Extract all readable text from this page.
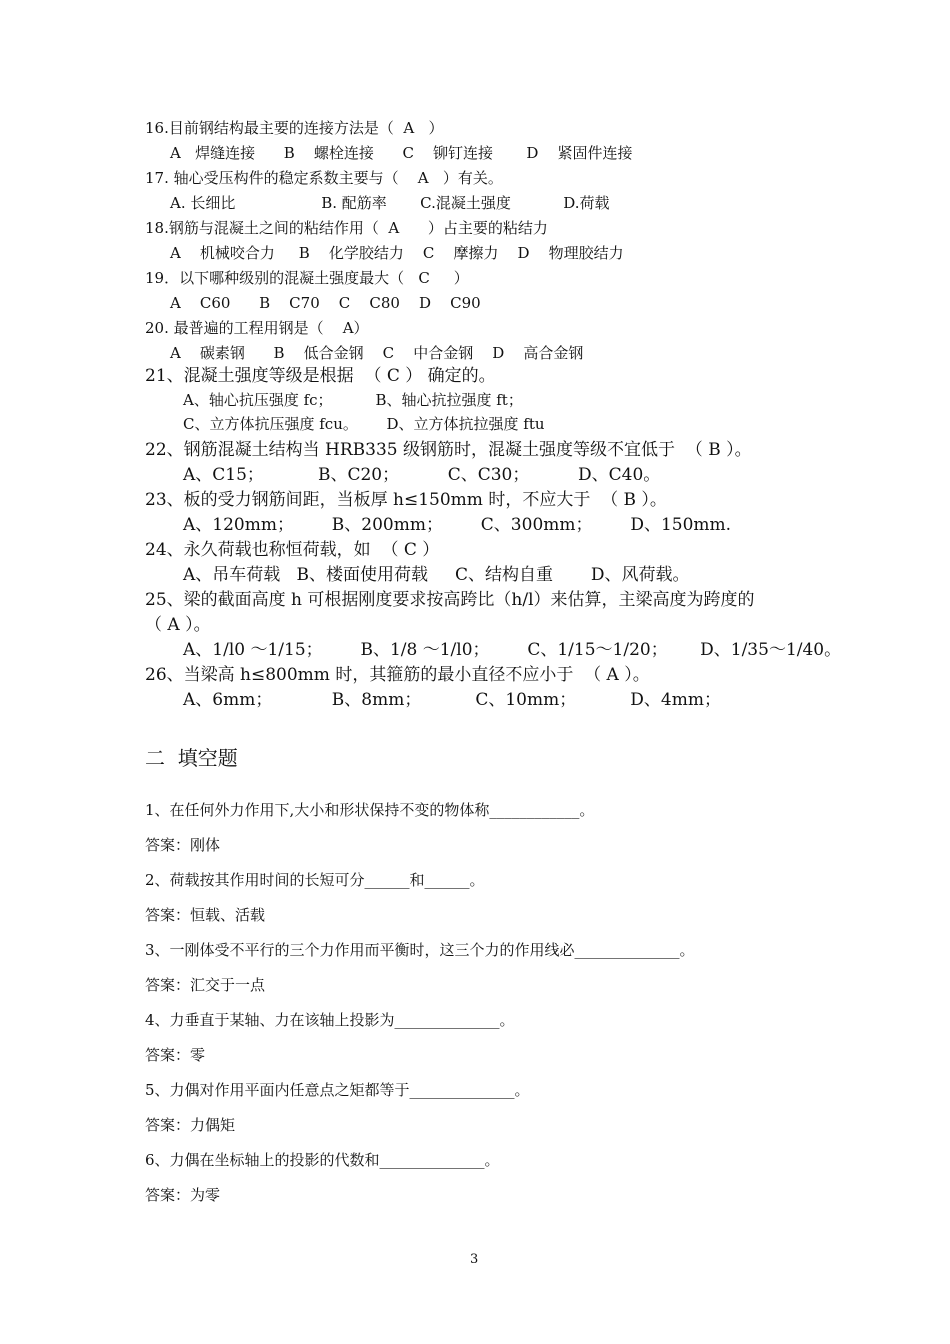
16.目前钢结构最主要的连接方法是（  A   ）
A   焊缝连接      B    螺栓连接      C    铆钉连接       D    紧固件连接
17. 轴心受压构件的稳定系数主要与（    A   ）有关。
A. 长细比                  B. 配筋率       C.混凝土强度           D.荷载
18.钢筋与混凝土之间的粘结作用（  A      ）占主要的粘结力
A    机械咬合力     B    化学胶结力    C    摩擦力    D    物理胶结力
19．以下哪种级别的混凝土强度最大（   C     ）
A    C60      B    C70    C    C80    D    C90
20. 最普遍的工程用钢是（    A）
A    碳素钢      B    低合金钢    C    中合金钢    D    高合金钢
21、混凝土强度等级是根据  （ C ） 确定的。
A、轴心抗压强度 fc；         B、轴心抗拉强度 ft；
C、立方体抗压强度 fcu。      D、立方体抗拉强度 ftu
22、钢筋混凝土结构当 HRB335 级钢筋时，混凝土强度等级不宜低于  （ B ）。
A、C15；          B、C20；         C、C30；         D、C40。
23、板的受力钢筋间距，当板厚 h≤150mm 时，不应大于  （ B ）。
A、120mm；       B、200mm；       C、300mm；       D、150mm.
24、永久荷载也称恒荷载，如  （ C ）
A、吊车荷载   B、楼面使用荷载     C、结构自重       D、风荷载。
25、梁的截面高度 h 可根据刚度要求按高跨比（h/l）来估算，主梁高度为跨度的
（ A ）。
A、1/l0 ～1/15；       B、1/8 ～1/l0；       C、1/15～1/20；      D、1/35～1/40。
26、当梁高 h≤800mm 时，其箍筋的最小直径不应小于  （ A ）。
A、6mm；           B、8mm；          C、10mm；          D、4mm；
二  填空题
1、在任何外力作用下,大小和形状保持不变的物体称____________。
答案：刚体
2、荷载按其作用时间的长短可分______和______。
答案：恒载、活载
3、一刚体受不平行的三个力作用而平衡时，这三个力的作用线必______________。
答案：汇交于一点
4、力垂直于某轴、力在该轴上投影为______________。
答案：零
5、力偶对作用平面内任意点之矩都等于______________。
答案：力偶矩
6、力偶在坐标轴上的投影的代数和______________。
答案：为零
3
